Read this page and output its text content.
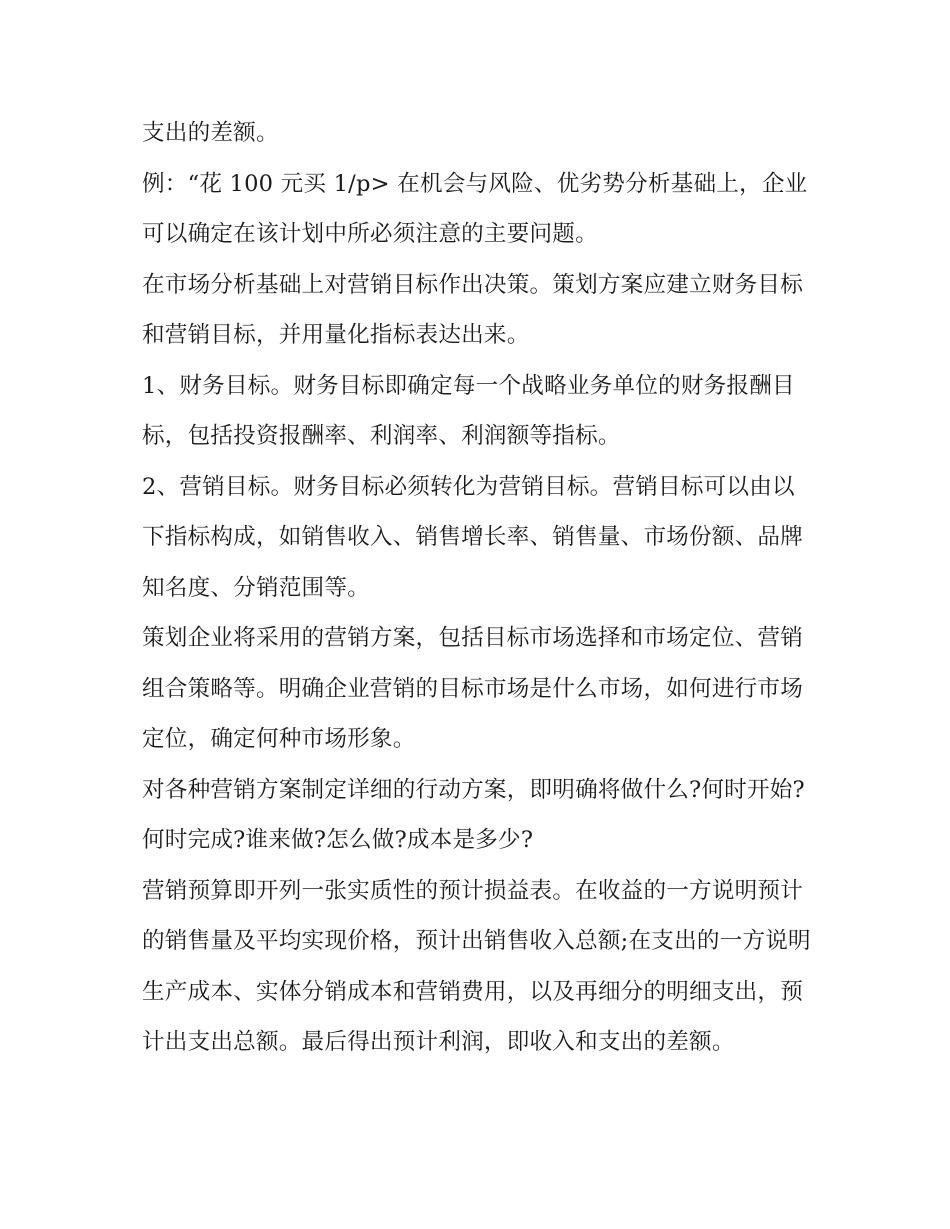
支出的差额。

例：“花 100 元买 1/p> 在机会与风险、优劣势分析基础上，企业可以确定在该计划中所必须注意的主要问题。

在市场分析基础上对营销目标作出决策。策划方案应建立财务目标和营销目标，并用量化指标表达出来。

1、财务目标。财务目标即确定每一个战略业务单位的财务报酬目标，包括投资报酬率、利润率、利润额等指标。

2、营销目标。财务目标必须转化为营销目标。营销目标可以由以下指标构成，如销售收入、销售增长率、销售量、市场份额、品牌知名度、分销范围等。

策划企业将采用的营销方案，包括目标市场选择和市场定位、营销组合策略等。明确企业营销的目标市场是什么市场，如何进行市场定位，确定何种市场形象。

对各种营销方案制定详细的行动方案，即明确将做什么?何时开始?何时完成?谁来做?怎么做?成本是多少?

营销预算即开列一张实质性的预计损益表。在收益的一方说明预计的销售量及平均实现价格，预计出销售收入总额;在支出的一方说明生产成本、实体分销成本和营销费用，以及再细分的明细支出，预计出支出总额。最后得出预计利润，即收入和支出的差额。
